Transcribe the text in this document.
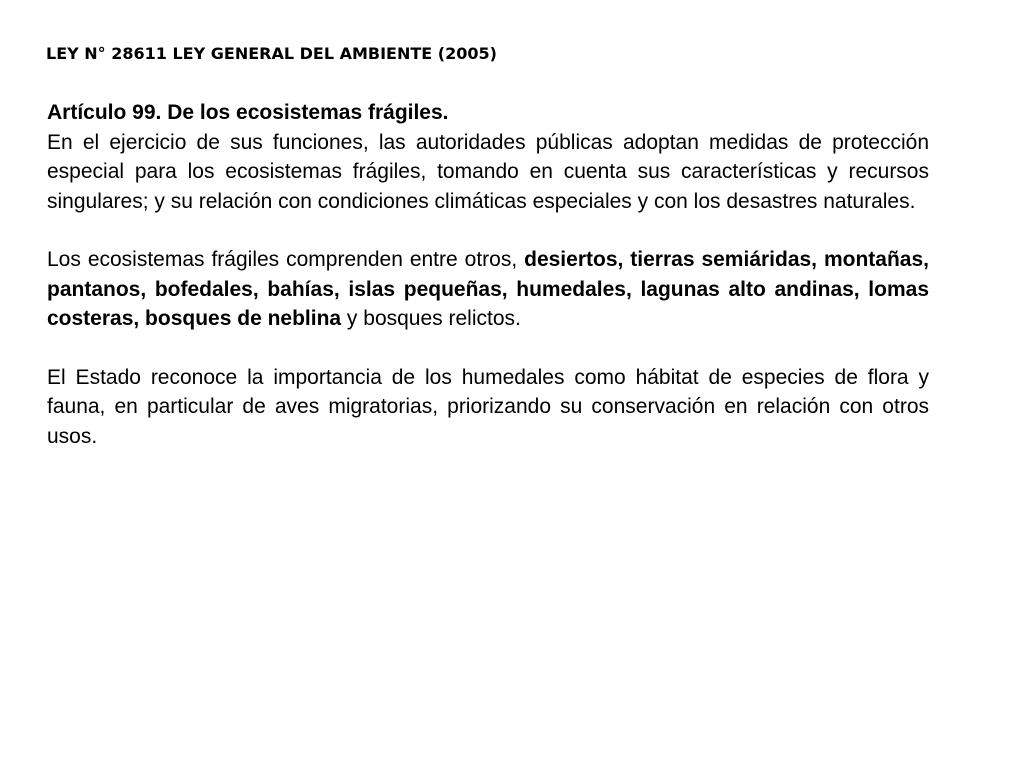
LEY N° 28611 LEY GENERAL DEL AMBIENTE (2005)

Artículo 99. De los ecosistemas frágiles.

En el ejercicio de sus funciones, las autoridades públicas adoptan medidas de protección especial para los ecosistemas frágiles, tomando en cuenta sus características y recursos singulares; y su relación con condiciones climáticas especiales y con los desastres naturales.

Los ecosistemas frágiles comprenden entre otros, desiertos, tierras semiáridas, montañas, pantanos, bofedales, bahías, islas pequeñas, humedales, lagunas alto andinas, lomas costeras, bosques de neblina y bosques relictos.

El Estado reconoce la importancia de los humedales como hábitat de especies de flora y fauna, en particular de aves migratorias, priorizando su conservación en relación con otros usos.
